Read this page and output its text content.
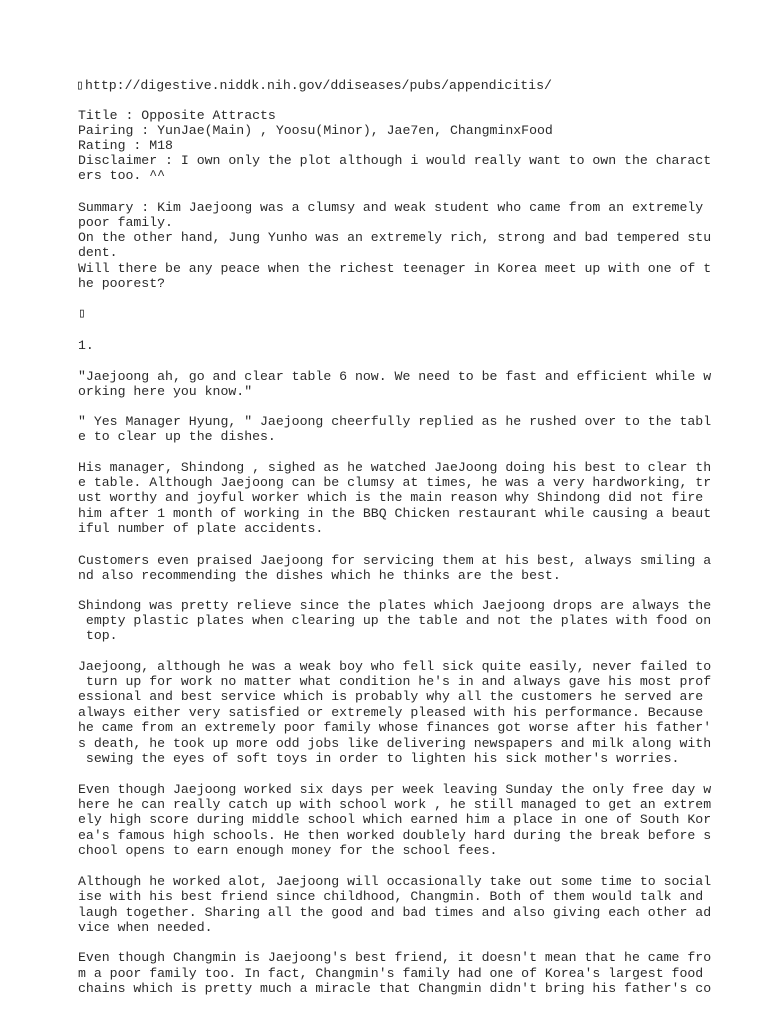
▯ http://digestive.niddk.nih.gov/ddiseases/pubs/appendicitis/

Title : Opposite Attracts

Pairing : YunJae(Main) , Yoosu(Minor), Jae7en, ChangminxFood

Rating : M18

Disclaimer : I own only the plot although i would really want to own the charact

ers too. ^^

Summary : Kim Jaejoong was a clumsy and weak student who came from an extremely

poor family.

On the other hand, Jung Yunho was an extremely rich, strong and bad tempered stu

dent.

Will there be any peace when the richest teenager in Korea meet up with one of t

he poorest?

▯

1.

"Jaejoong ah, go and clear table 6 now. We need to be fast and efficient while w

orking here you know."

" Yes Manager Hyung, " Jaejoong cheerfully replied as he rushed over to the tabl

e to clear up the dishes.

His manager, Shindong , sighed as he watched JaeJoong doing his best to clear th

e table. Although Jaejoong can be clumsy at times, he was a very hardworking, tr

ust worthy and joyful worker which is the main reason why Shindong did not fire

him after 1 month of working in the BBQ Chicken restaurant while causing a beaut

iful number of plate accidents.

Customers even praised Jaejoong for servicing them at his best, always smiling a

nd also recommending the dishes which he thinks are the best.

Shindong was pretty relieve since the plates which Jaejoong drops are always the

empty plastic plates when clearing up the table and not the plates with food on

top.

Jaejoong, although he was a weak boy who fell sick quite easily, never failed to

turn up for work no matter what condition he's in and always gave his most prof

essional and best service which is probably why all the customers he served are

always either very satisfied or extremely pleased with his performance. Because

he came from an extremely poor family whose finances got worse after his father'

s death, he took up more odd jobs like delivering newspapers and milk along with

sewing the eyes of soft toys in order to lighten his sick mother's worries.

Even though Jaejoong worked six days per week leaving Sunday the only free day w

here he can really catch up with school work , he still managed to get an extrem

ely high score during middle school which earned him a place in one of South Kor

ea's famous high schools. He then worked doublely hard during the break before s

chool opens to earn enough money for the school fees.

Although he worked alot, Jaejoong will occasionally take out some time to social

ise with his best friend since childhood, Changmin. Both of them would talk and

laugh together. Sharing all the good and bad times and also giving each other ad

vice when needed.

Even though Changmin is Jaejoong's best friend, it doesn't mean that he came fro

m a poor family too. In fact, Changmin's family had one of Korea's largest food

chains which is pretty much a miracle that Changmin didn't bring his father's co
